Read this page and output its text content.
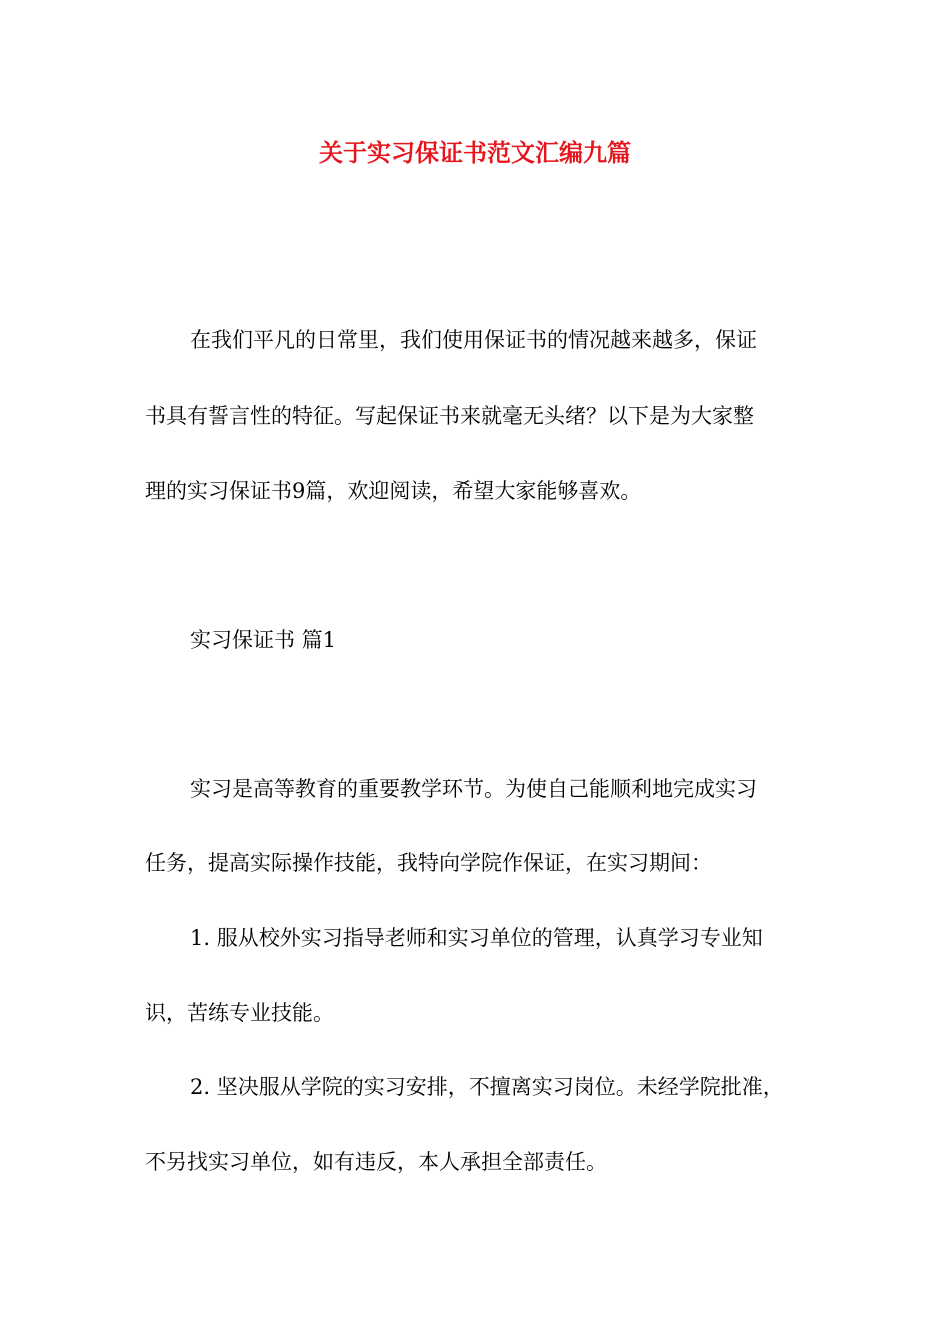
关于实习保证书范文汇编九篇
在我们平凡的日常里，我们使用保证书的情况越来越多，保证
书具有誓言性的特征。写起保证书来就毫无头绪？以下是为大家整
理的实习保证书9篇，欢迎阅读，希望大家能够喜欢。
实习保证书 篇1
实习是高等教育的重要教学环节。为使自己能顺利地完成实习
任务，提高实际操作技能，我特向学院作保证，在实习期间：
1. 服从校外实习指导老师和实习单位的管理，认真学习专业知
识，苦练专业技能。
2. 坚决服从学院的实习安排，不擅离实习岗位。未经学院批准，
不另找实习单位，如有违反，本人承担全部责任。
